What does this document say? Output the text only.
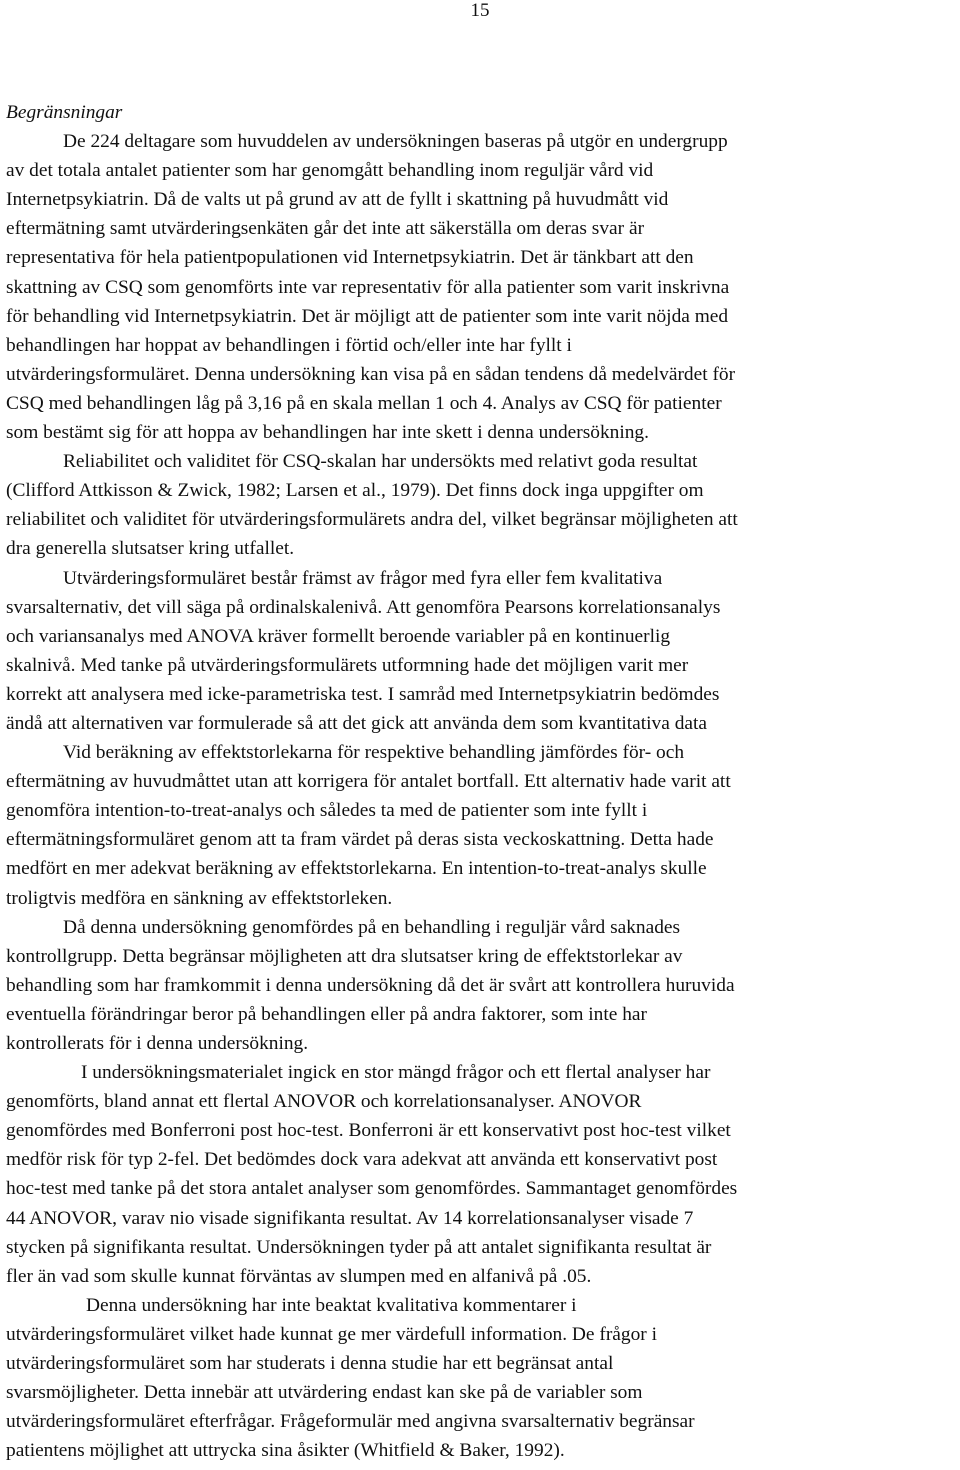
15

Begränsningar

De 224 deltagare som huvuddelen av undersökningen baseras på utgör en undergrupp
av det totala antalet patienter som har genomgått behandling inom reguljär vård vid
Internetpsykiatrin. Då de valts ut på grund av att de fyllt i skattning på huvudmått vid
eftermätning samt utvärderingsenkäten går det inte att säkerställa om deras svar är
representativa för hela patientpopulationen vid Internetpsykiatrin. Det är tänkbart att den
skattning av CSQ som genomförts inte var representativ för alla patienter som varit inskrivna
för behandling vid Internetpsykiatrin. Det är möjligt att de patienter som inte varit nöjda med
behandlingen har hoppat av behandlingen i förtid och/eller inte har fyllt i
utvärderingsformuläret. Denna undersökning kan visa på en sådan tendens då medelvärdet för
CSQ med behandlingen låg på 3,16 på en skala mellan 1 och 4. Analys av CSQ för patienter
som bestämt sig för att hoppa av behandlingen har inte skett i denna undersökning.
Reliabilitet och validitet för CSQ-skalan har undersökts med relativt goda resultat
(Clifford Attkisson & Zwick, 1982; Larsen et al., 1979). Det finns dock inga uppgifter om
reliabilitet och validitet för utvärderingsformulärets andra del, vilket begränsar möjligheten att
dra generella slutsatser kring utfallet.
Utvärderingsformuläret består främst av frågor med fyra eller fem kvalitativa
svarsalternativ, det vill säga på ordinalskalenivå. Att genomföra Pearsons korrelationsanalys
och variansanalys med ANOVA kräver formellt beroende variabler på en kontinuerlig
skalnivå. Med tanke på utvärderingsformulärets utformning hade det möjligen varit mer
korrekt att analysera med icke-parametriska test. I samråd med Internetpsykiatrin bedömdes
ändå att alternativen var formulerade så att det gick att använda dem som kvantitativa data
Vid beräkning av effektstorlekarna för respektive behandling jämfördes för- och
eftermätning av huvudmåttet utan att korrigera för antalet bortfall. Ett alternativ hade varit att
genomföra intention-to-treat-analys och således ta med de patienter som inte fyllt i
eftermätningsformuläret genom att ta fram värdet på deras sista veckoskattning. Detta hade
medfört en mer adekvat beräkning av effektstorlekarna. En intention-to-treat-analys skulle
troligtvis medföra en sänkning av effektstorleken.
Då denna undersökning genomfördes på en behandling i reguljär vård saknades
kontrollgrupp. Detta begränsar möjligheten att dra slutsatser kring de effektstorlekar av
behandling som har framkommit i denna undersökning då det är svårt att kontrollera huruvida
eventuella förändringar beror på behandlingen eller på andra faktorer, som inte har
kontrollerats för i denna undersökning.
I undersökningsmaterialet ingick en stor mängd frågor och ett flertal analyser har
genomförts, bland annat ett flertal ANOVOR och korrelationsanalyser. ANOVOR
genomfördes med Bonferroni post hoc-test. Bonferroni är ett konservativt post hoc-test vilket
medför risk för typ 2-fel. Det bedömdes dock vara adekvat att använda ett konservativt post
hoc-test med tanke på det stora antalet analyser som genomfördes. Sammantaget genomfördes
44 ANOVOR, varav nio visade signifikanta resultat. Av 14 korrelationsanalyser visade 7
stycken på signifikanta resultat. Undersökningen tyder på att antalet signifikanta resultat är
fler än vad som skulle kunnat förväntas av slumpen med en alfanivå på .05.
Denna undersökning har inte beaktat kvalitativa kommentarer i
utvärderingsformuläret vilket hade kunnat ge mer värdefull information. De frågor i
utvärderingsformuläret som har studerats i denna studie har ett begränsat antal
svarsmöjligheter. Detta innebär att utvärdering endast kan ske på de variabler som
utvärderingsformuläret efterfrågar. Frågeformulär med angivna svarsalternativ begränsar
patientens möjlighet att uttrycka sina åsikter (Whitfield & Baker, 1992).
